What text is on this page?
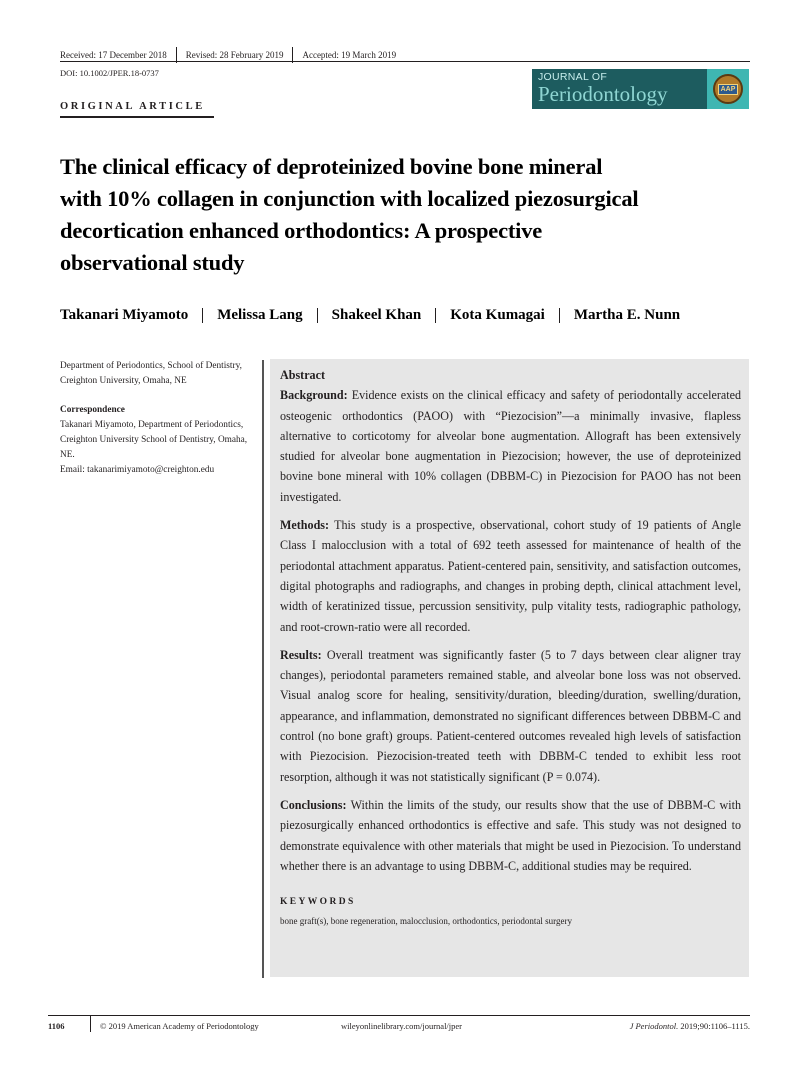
Received: 17 December 2018	Revised: 28 February 2019	Accepted: 19 March 2019
DOI: 10.1002/JPER.18-0737	JOURNAL OF
Periodontology	AAP
ORIGINAL ARTICLE
The clinical efficacy of deproteinized bovine bone mineral
with 10% collagen in conjunction with localized piezosurgical
decortication enhanced orthodontics: A prospective
observational study
Takanari Miyamoto Melissa Lang Shakeel Khan Kota Kumagai Martha E. Nunn
Department of Periodontics, School of Dentistry, Creighton University, Omaha, NE
Correspondence
Takanari Miyamoto, Department of Periodontics, Creighton University School of Dentistry, Omaha, NE.
Email: takanarimiyamoto@creighton.edu
Abstract

Background: Evidence exists on the clinical efficacy and safety of periodontally accelerated osteogenic orthodontics (PAOO) with “Piezocision”—a minimally invasive, flapless alternative to corticotomy for alveolar bone augmentation. Allograft has been extensively studied for alveolar bone augmentation in Piezocision; however, the use of deproteinized bovine bone mineral with 10% collagen (DBBM-C) in Piezocision for PAOO has not been investigated.

Methods: This study is a prospective, observational, cohort study of 19 patients of Angle Class I malocclusion with a total of 692 teeth assessed for maintenance of health of the periodontal attachment apparatus. Patient-centered pain, sensitivity, and satisfaction outcomes, digital photographs and radiographs, and changes in probing depth, clinical attachment level, width of keratinized tissue, percussion sensitivity, pulp vitality tests, radiographic pathology, and root-crown-ratio were all recorded.

Results: Overall treatment was significantly faster (5 to 7 days between clear aligner tray changes), periodontal parameters remained stable, and alveolar bone loss was not observed. Visual analog score for healing, sensitivity/duration, bleeding/duration, swelling/duration, appearance, and inflammation, demonstrated no significant differences between DBBM-C and control (no bone graft) groups. Patient-centered outcomes revealed high levels of satisfaction with Piezocision. Piezocision-treated teeth with DBBM-C tended to exhibit less root resorption, although it was not statistically significant (P = 0.074).

Conclusions: Within the limits of the study, our results show that the use of DBBM-C with piezosurgically enhanced orthodontics is effective and safe. This study was not designed to demonstrate equivalence with other materials that might be used in Piezocision. To understand whether there is an advantage to using DBBM-C, additional studies may be required.

KEYWORDS
bone graft(s), bone regeneration, malocclusion, orthodontics, periodontal surgery
1106	© 2019 American Academy of Periodontology	wileyonlinelibrary.com/journal/jper	J Periodontol. 2019;90:1106–1115.
